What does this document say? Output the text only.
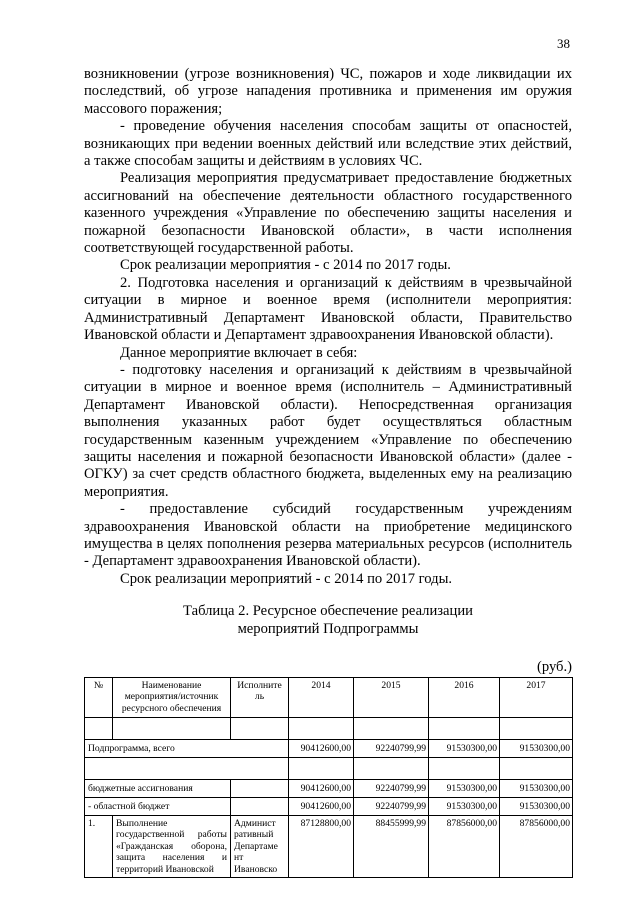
38

возникновении (угрозе возникновения) ЧС, пожаров и ходе ликвидации их последствий, об угрозе нападения противника и применения им оружия массового поражения;

- проведение обучения населения способам защиты от опасностей, возникающих при ведении военных действий или вследствие этих действий, а также способам защиты и действиям в условиях ЧС.

Реализация мероприятия предусматривает предоставление бюджетных ассигнований на обеспечение деятельности областного государственного казенного учреждения «Управление по обеспечению защиты населения и пожарной безопасности Ивановской области», в части исполнения соответствующей государственной работы.

Срок реализации мероприятия - с 2014 по 2017 годы.

2. Подготовка населения и организаций к действиям в чрезвычайной ситуации в мирное и военное время (исполнители мероприятия: Административный Департамент Ивановской области, Правительство Ивановской области и Департамент здравоохранения Ивановской области).

Данное мероприятие включает в себя:

- подготовку населения и организаций к действиям в чрезвычайной ситуации в мирное и военное время (исполнитель – Административный Департамент Ивановской области). Непосредственная организация выполнения указанных работ будет осуществляться областным государственным казенным учреждением «Управление по обеспечению защиты населения и пожарной безопасности Ивановской области» (далее - ОГКУ) за счет средств областного бюджета, выделенных ему на реализацию мероприятия.

- предоставление субсидий государственным учреждениям здравоохранения Ивановской области на приобретение медицинского имущества в целях пополнения резерва материальных ресурсов (исполнитель - Департамент здравоохранения Ивановской области).

Срок реализации мероприятий - с 2014 по 2017 годы.

Таблица 2. Ресурсное обеспечение реализации
мероприятий Подпрограммы
(руб.)
№	Наименование мероприятия/источник ресурсного обеспечения	Исполните ль	2014	2015	2016	2017

Подпрограмма, всего			90412600,00	92240799,99	91530300,00	91530300,00

бюджетные ассигнования			90412600,00	92240799,99	91530300,00	91530300,00
- областной бюджет			90412600,00	92240799,99	91530300,00	91530300,00
1.	Выполнение государственной работы «Гражданская оборона, защита населения и территорий Ивановской	Админист ративный Департаме нт Ивановско	87128800,00	88455999,99	87856000,00	87856000,00
